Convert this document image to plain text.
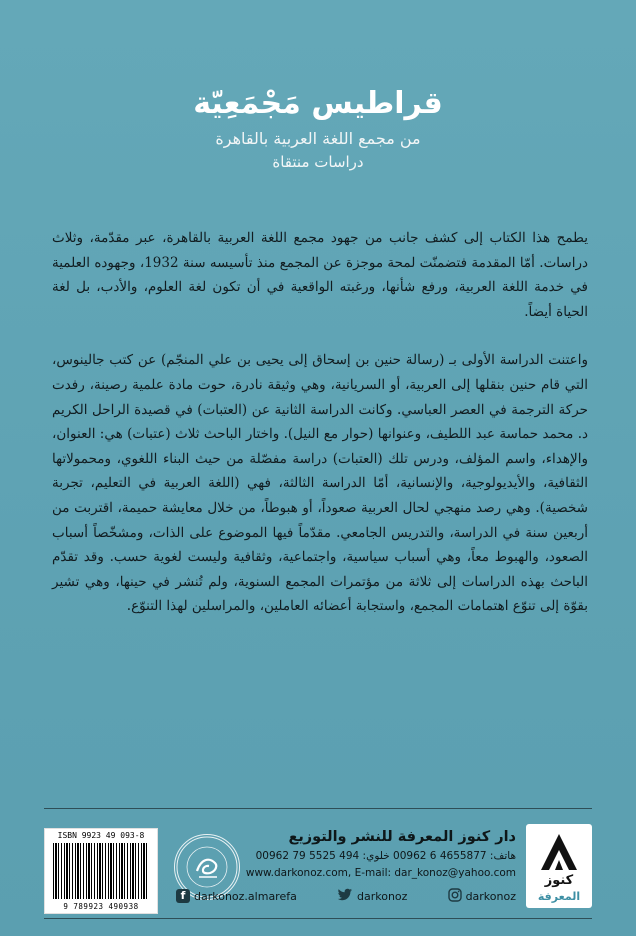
قراطيس مَجْمَعِيّة

من مجمع اللغة العربية بالقاهرة

دراسات منتقاة

يطمح هذا الكتاب إلى كشف جانب من جهود مجمع اللغة العربية بالقاهرة، عبر مقدّمة، وثلاث دراسات. أمّا المقدمة فتضمنّت لمحة موجزة عن المجمع منذ تأسيسه سنة 1932، وجهوده العلمية في خدمة اللغة العربية، ورفع شأنها، ورغبته الواقعية في أن تكون لغة العلوم، والأدب، بل لغة الحياة أيضاً.

واعتنت الدراسة الأولى بـ (رسالة حنين بن إسحاق إلى يحيى بن علي المنجّم) عن كتب جالينوس، التي قام حنين بنقلها إلى العربية، أو السريانية، وهي وثيقة نادرة، حوت مادة علمية رصينة، رفدت حركة الترجمة في العصر العباسي. وكانت الدراسة الثانية عن (العتبات) في قصيدة الراحل الكريم د. محمد حماسة عبد اللطيف، وعنوانها (حوار مع النيل). واختار الباحث ثلاث (عتبات) هي: العنوان، والإهداء، واسم المؤلف، ودرس تلك (العتبات) دراسة مفصّلة من حيث البناء اللغوي، ومحمولاتها الثقافية، والأيديولوجية، والإنسانية، أمّا الدراسة الثالثة، فهي (اللغة العربية في التعليم، تجربة شخصية). وهي رصد منهجي لحال العربية صعوداً، أو هبوطاً، من خلال معايشة حميمة، اقتربت من أربعين سنة في الدراسة، والتدريس الجامعي. مقدّماً فيها الموضوع على الذات، ومشخّصاً أسباب الصعود، والهبوط معاً، وهي أسباب سياسية، واجتماعية، وثقافية وليست لغوية حسب. وقد تقدّم الباحث بهذه الدراسات إلى ثلاثة من مؤتمرات المجمع السنوية، ولم تُنشر في حينها، وهي تشير بقوّة إلى تنوّع اهتمامات المجمع، واستجابة أعضائه العاملين، والمراسلين لهذا التنوّع.

ISBN 9923 49 093-8
9 789923 490938

دار كنوز المعرفة للنشر والتوزيع

هاتف: 4655877 6 00962 خلوي: 494 5525 79 00962

www.darkonoz.com, E-mail: dar_konoz@yahoo.com

f darkonoz.almarefa	darkonoz	darkonoz
كنوز
المعرفة
